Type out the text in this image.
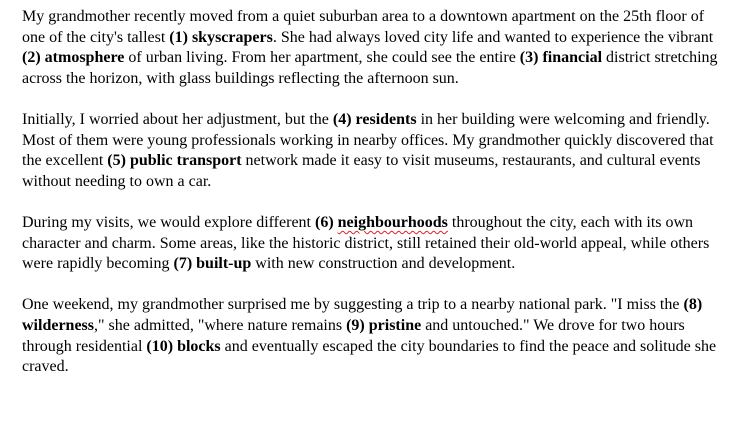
My grandmother recently moved from a quiet suburban area to a downtown apartment on the 25th floor of one of the city's tallest (1) skyscrapers. She had always loved city life and wanted to experience the vibrant (2) atmosphere of urban living. From her apartment, she could see the entire (3) financial district stretching across the horizon, with glass buildings reflecting the afternoon sun.

Initially, I worried about her adjustment, but the (4) residents in her building were welcoming and friendly. Most of them were young professionals working in nearby offices. My grandmother quickly discovered that the excellent (5) public transport network made it easy to visit museums, restaurants, and cultural events without needing to own a car.

During my visits, we would explore different (6) neighbourhoods throughout the city, each with its own character and charm. Some areas, like the historic district, still retained their old-world appeal, while others were rapidly becoming (7) built-up with new construction and development.

One weekend, my grandmother surprised me by suggesting a trip to a nearby national park. "I miss the (8) wilderness," she admitted, "where nature remains (9) pristine and untouched." We drove for two hours through residential (10) blocks and eventually escaped the city boundaries to find the peace and solitude she craved.
